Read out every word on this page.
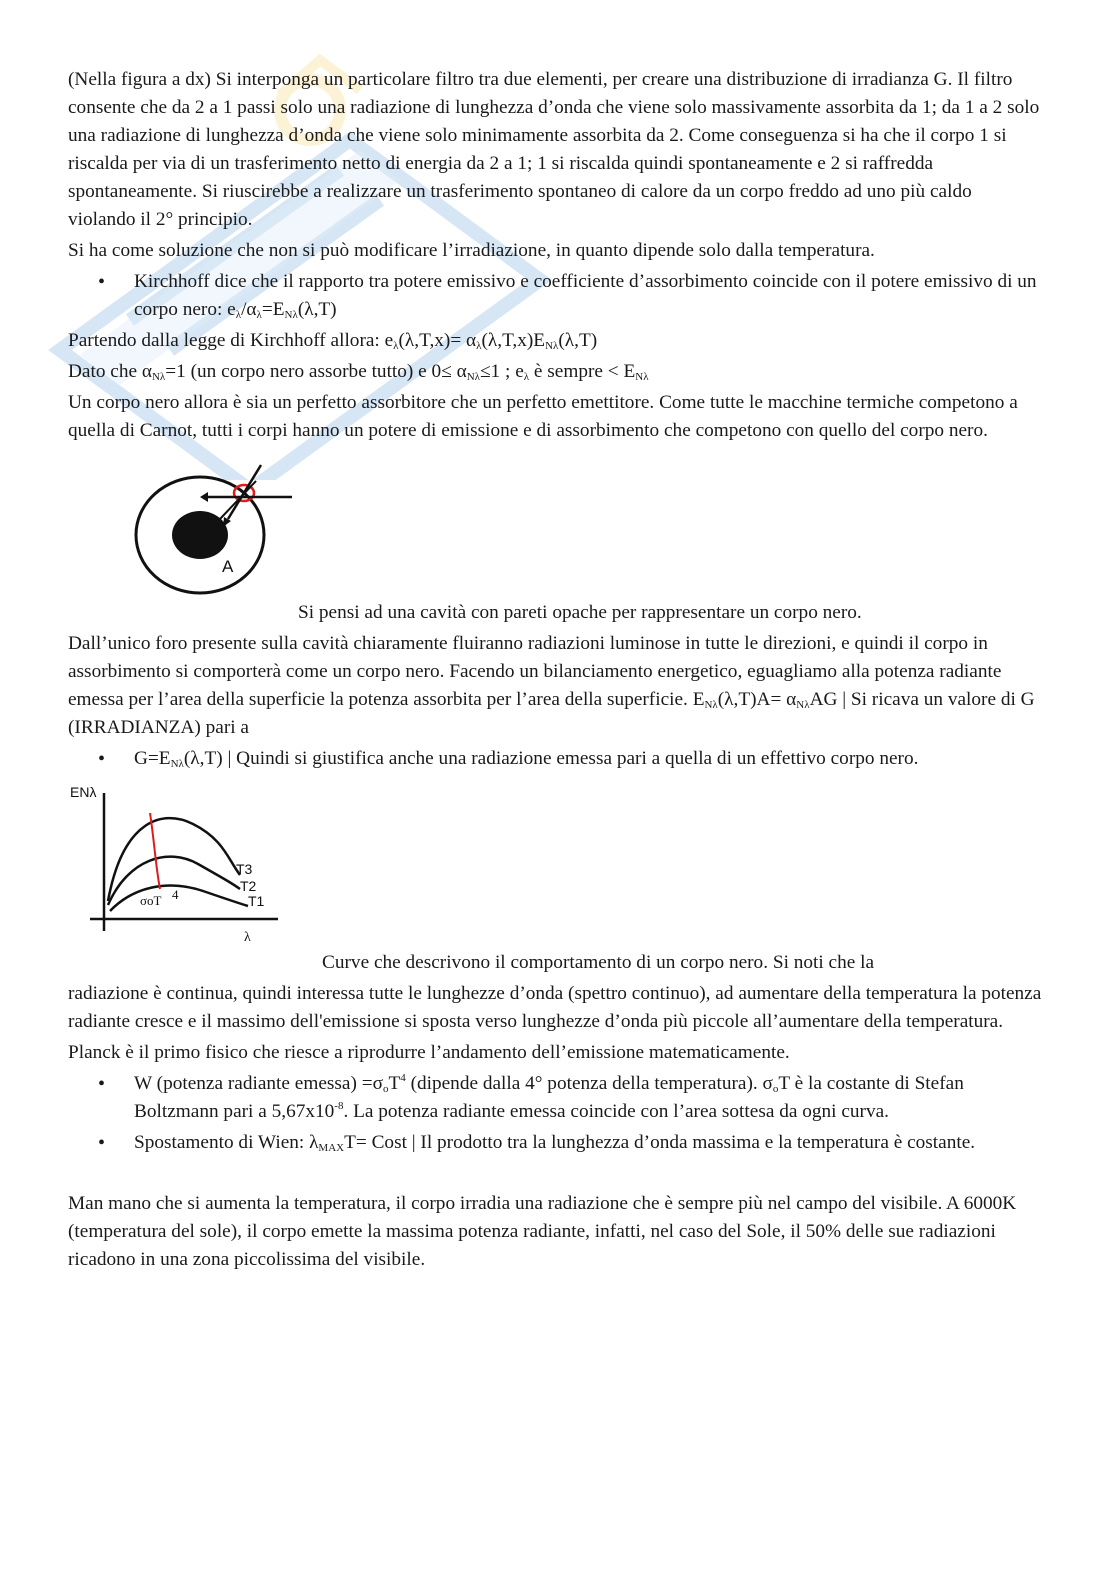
(Nella figura a dx) Si interponga un particolare filtro tra due elementi, per creare una distribuzione di irradianza G. Il filtro consente che da 2 a 1 passi solo una radiazione di lunghezza d’onda che viene solo massivamente assorbita da 1; da 1 a 2 solo una radiazione di lunghezza d’onda che viene solo minimamente assorbita da 2. Come conseguenza si ha che il corpo 1 si riscalda per via di un trasferimento netto di energia da 2 a 1; 1 si riscalda quindi spontaneamente e 2 si raffredda spontaneamente. Si riuscirebbe a realizzare un trasferimento spontaneo di calore da un corpo freddo ad uno più caldo violando il 2° principio.

Si ha come soluzione che non si può modificare l’irradiazione, in quanto dipende solo dalla temperatura.

• Kirchhoff dice che il rapporto tra potere emissivo e coefficiente d’assorbimento coincide con il potere emissivo di un corpo nero: $e_\lambda/\alpha_\lambda=E_{N\lambda}(\lambda,T)$

Partendo dalla legge di Kirchhoff allora: $e_\lambda(\lambda,T,x)= \alpha_\lambda(\lambda,T,x)E_{N\lambda}(\lambda,T)$

Dato che $\alpha_{N\lambda}=1$ (un corpo nero assorbe tutto) e $0\le \alpha_{N\lambda}\le 1$ ; $e_\lambda$ è sempre < $E_{N\lambda}$

Un corpo nero allora è sia un perfetto assorbitore che un perfetto emettitore. Come tutte le macchine termiche competono a quella di Carnot, tutti i corpi hanno un potere di emissione e di assorbimento che competono con quello del corpo nero.

A

Si pensi ad una cavità con pareti opache per rappresentare un corpo nero.

Dall’unico foro presente sulla cavità chiaramente fluiranno radiazioni luminose in tutte le direzioni, e quindi il corpo in assorbimento si comporterà come un corpo nero. Facendo un bilanciamento energetico, eguagliamo alla potenza radiante emessa per l’area della superficie la potenza assorbita per l’area della superficie. $E_{N\lambda}(\lambda,T)A= \alpha_{N\lambda}AG$ | Si ricava un valore di G (IRRADIANZA) pari a

• $G=E_{N\lambda}(\lambda,T)$ | Quindi si giustifica anche una radiazione emessa pari a quella di un effettivo corpo nero.
ENλ
T3
T2
T1
σoT 4
λ

Curve che descrivono il comportamento di un corpo nero. Si noti che la

radiazione è continua, quindi interessa tutte le lunghezze d’onda (spettro continuo), ad aumentare della temperatura la potenza radiante cresce e il massimo dell'emissione si sposta verso lunghezze d’onda più piccole all’aumentare della temperatura.

Planck è il primo fisico che riesce a riprodurre l’andamento dell’emissione matematicamente.

• W (potenza radiante emessa) $=\sigma_oT^4$ (dipende dalla 4° potenza della temperatura). $\sigma_oT$ è la costante di Stefan Boltzmann pari a $5,67x10^{-8}$. La potenza radiante emessa coincide con l’area sottesa da ogni curva.
• Spostamento di Wien: $\lambda_{MAX}T=$ Cost | Il prodotto tra la lunghezza d’onda massima e la temperatura è costante.

Man mano che si aumenta la temperatura, il corpo irradia una radiazione che è sempre più nel campo del visibile. A 6000K (temperatura del sole), il corpo emette la massima potenza radiante, infatti, nel caso del Sole, il 50% delle sue radiazioni ricadono in una zona piccolissima del visibile.
